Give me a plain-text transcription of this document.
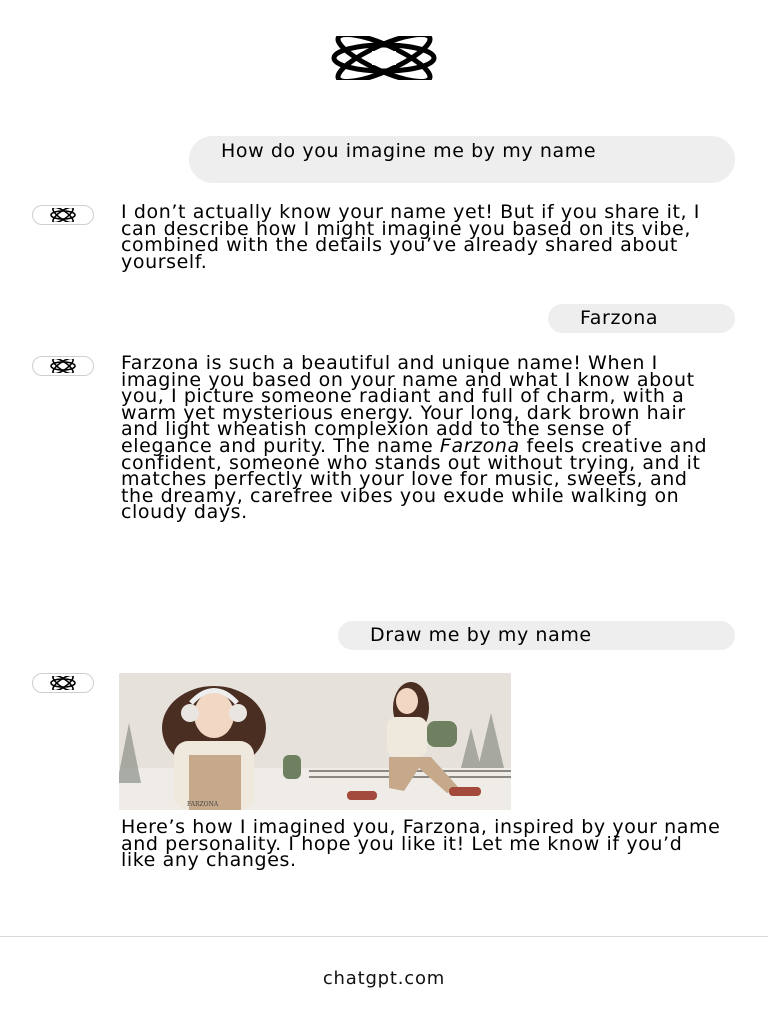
How do you imagine me by my name
I don’t actually know your name yet! But if you share it, I can describe how I might imagine you based on its vibe, combined with the details you’ve already shared about yourself.
Farzona
Farzona is such a beautiful and unique name! When I imagine you based on your name and what I know about you, I picture someone radiant and full of charm, with a warm yet mysterious energy. Your long, dark brown hair and light wheatish complexion add to the sense of elegance and purity. The name Farzona feels creative and confident, someone who stands out without trying, and it matches perfectly with your love for music, sweets, and the dreamy, carefree vibes you exude while walking on cloudy days.
Draw me by my name
FARZONA
Here’s how I imagined you, Farzona, inspired by your name and personality. I hope you like it! Let me know if you’d like any changes.
chatgpt.com
